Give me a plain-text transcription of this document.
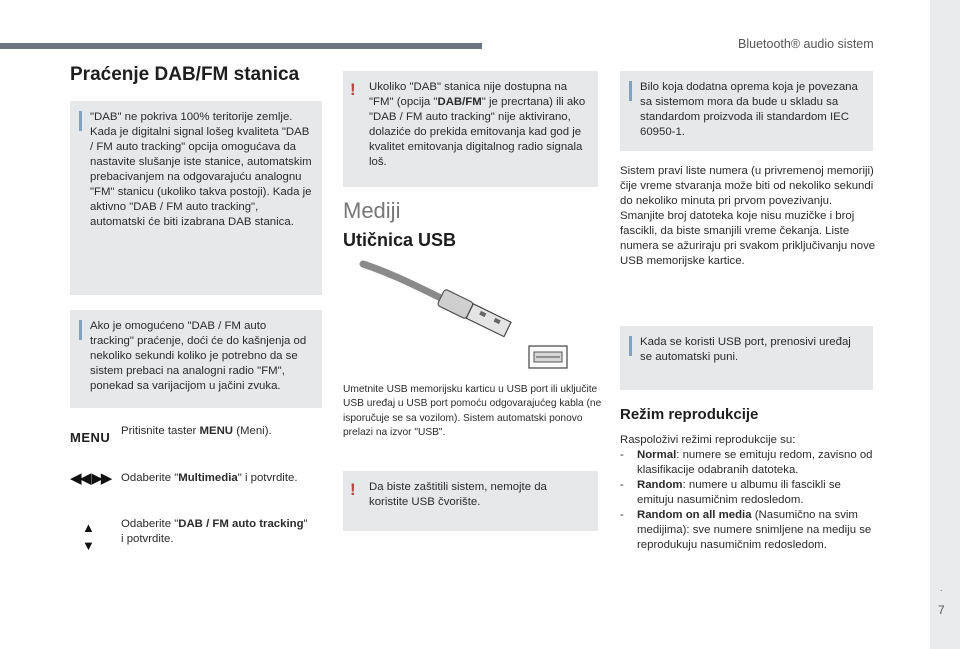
Bluetooth® audio sistem
.
7
Praćenje DAB/FM stanica
"DAB" ne pokriva 100% teritorije zemlje. Kada je digitalni signal lošeg kvaliteta "DAB / FM auto tracking" opcija omogućava da nastavite slušanje iste stanice, automatskim prebacivanjem na odgovarajuću analognu "FM" stanicu (ukoliko takva postoji). Kada je aktivno "DAB / FM auto tracking", automatski će biti izabrana DAB stanica.
Ako je omogućeno "DAB / FM auto tracking" praćenje, doći će do kašnjenja od nekoliko sekundi koliko je potrebno da se sistem prebaci na analogni radio "FM", ponekad sa varijacijom u jačini zvuka.
MENU Pritisnite taster MENU (Meni).
◀◀ ▶▶ Odaberite "Multimedia" i potvrdite.
▲
▼
Odaberite "DAB / FM auto tracking" i potvrdite.
! Ukoliko "DAB" stanica nije dostupna na "FM" (opcija "DAB/FM" je precrtana) ili ako "DAB / FM auto tracking" nije aktivirano, dolaziće do prekida emitovanja kad god je kvalitet emitovanja digitalnog radio signala loš.
Mediji
Utičnica USB
Umetnite USB memorijsku karticu u USB port ili uključite USB uređaj u USB port pomoću odgovarajućeg kabla (ne isporučuje se sa vozilom). Sistem automatski ponovo prelazi na izvor "USB".
! Da biste zaštitili sistem, nemojte da koristite USB čvorište.
Bilo koja dodatna oprema koja je povezana sa sistemom mora da bude u skladu sa standardom proizvoda ili standardom IEC 60950-1.
Sistem pravi liste numera (u privremenoj memoriji) čije vreme stvaranja može biti od nekoliko sekundi do nekoliko minuta pri prvom povezivanju.
Smanjite broj datoteka koje nisu muzičke i broj fascikli, da biste smanjili vreme čekanja. Liste numera se ažuriraju pri svakom priključivanju nove USB memorijske kartice.
Kada se koristi USB port, prenosivi uređaj se automatski puni.
Režim reprodukcije
Raspoloživi režimi reprodukcije su:
- Normal: numere se emituju redom, zavisno od klasifikacije odabranih datoteka.
- Random: numere u albumu ili fascikli se emituju nasumičnim redosledom.
- Random on all media (Nasumično na svim medijima): sve numere snimljene na mediju se reprodukuju nasumičnim redosledom.
